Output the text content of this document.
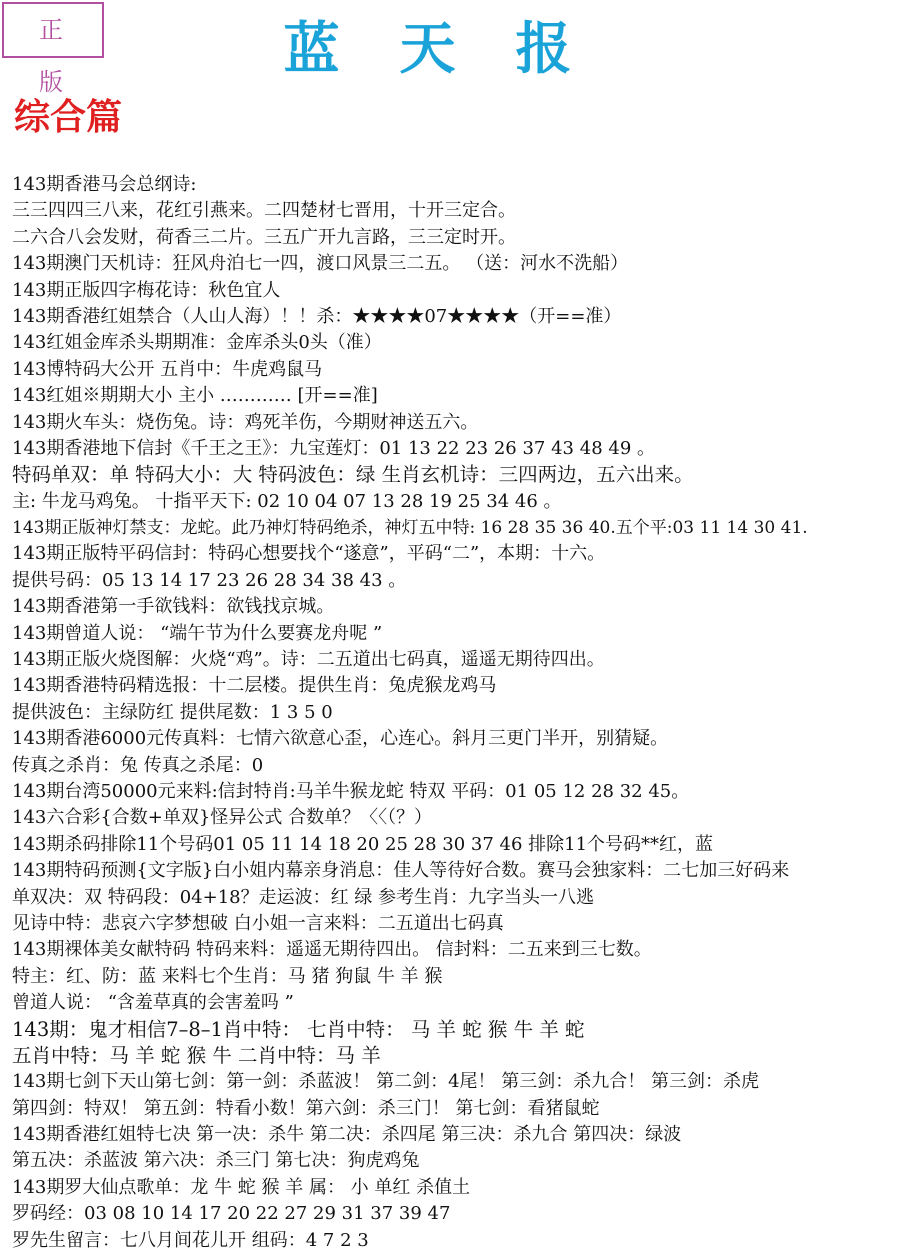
正 版	蓝天报
综合篇
143期香港马会总纲诗:
三三四四三八来，花红引燕来。二四楚材七晋用，十开三定合。
二六合八会发财，荷香三二片。三五广开九言路，三三定时开。
143期澳门天机诗：狂风舟泊七一四，渡口风景三二五。 （送：河水不洗船）
143期正版四字梅花诗：秋色宜人
143期香港红姐禁合（人山人海）！！杀：★★★★07★★★★（开==准）
143红姐金库杀头期期准：金库杀头0头（准）
143博特码大公开 五肖中：牛虎鸡鼠马
143红姐※期期大小 主小 ………… [开==准]
143期火车头：烧伤兔。诗：鸡死羊伤，今期财神送五六。
143期香港地下信封《千王之王》：九宝莲灯：01 13 22 23 26 37 43 48 49 。
特码单双：单 特码大小：大 特码波色：绿 生肖玄机诗：三四两边，五六出来。
主: 牛龙马鸡兔。 十指平天下: 02 10 04 07 13 28 19 25 34 46 。
143期正版神灯禁支：龙蛇。此乃神灯特码绝杀，神灯五中特: 16 28 35 36 40.五个平:03 11 14 30 41.
143期正版特平码信封：特码心想要找个“遂意”，平码“二”，本期：十六。
提供号码：05 13 14 17 23 26 28 34 38 43 。
143期香港第一手欲钱料：欲钱找京城。
143期曾道人说： “端午节为什么要赛龙舟呢 ”
143期正版火烧图解：火烧“鸡”。诗：二五道出七码真，遥遥无期待四出。
143期香港特码精选报：十二层楼。提供生肖：兔虎猴龙鸡马
提供波色：主绿防红 提供尾数：1 3 5 0
143期香港6000元传真料：七情六欲意心歪，心连心。斜月三更门半开，别猜疑。
传真之杀肖：兔 传真之杀尾：0
143期台湾50000元来料:信封特肖:马羊牛猴龙蛇 特双 平码：01 05 12 28 32 45。
143六合彩{合数+单双}怪异公式 合数单？〈〈（？）
143期杀码排除11个号码01 05 11 14 18 20 25 28 30 37 46 排除11个号码**红，蓝
143期特码预测{文字版}白小姐内幕亲身消息：佳人等待好合数。赛马会独家料：二七加三好码来
单双决：双 特码段：04+18？走运波：红 绿 参考生肖：九字当头一八逃
见诗中特：悲哀六字梦想破 白小姐一言来料：二五道出七码真
143期裸体美女献特码 特码来料：遥遥无期待四出。 信封料：二五来到三七数。
特主：红、防：蓝 来料七个生肖：马 猪 狗鼠 牛 羊 猴
曾道人说： “含羞草真的会害羞吗 ”
143期：鬼才相信7–8–1肖中特： 七肖中特： 马 羊 蛇 猴 牛 羊 蛇
五肖中特：马 羊 蛇 猴 牛 二肖中特：马 羊
143期七剑下天山第七剑：第一剑：杀蓝波！ 第二剑：4尾！ 第三剑：杀九合！ 第三剑：杀虎
第四剑：特双！ 第五剑：特看小数！第六剑：杀三门！ 第七剑：看猪鼠蛇
143期香港红姐特七决 第一决：杀牛 第二决：杀四尾 第三决：杀九合 第四决：绿波
第五决：杀蓝波 第六决：杀三门 第七决：狗虎鸡兔
143期罗大仙点歌单：龙 牛 蛇 猴 羊 属： 小 单红 杀值土
罗码经：03 08 10 14 17 20 22 27 29 31 37 39 47
罗先生留言：七八月间花儿开 组码：4 7 2 3
